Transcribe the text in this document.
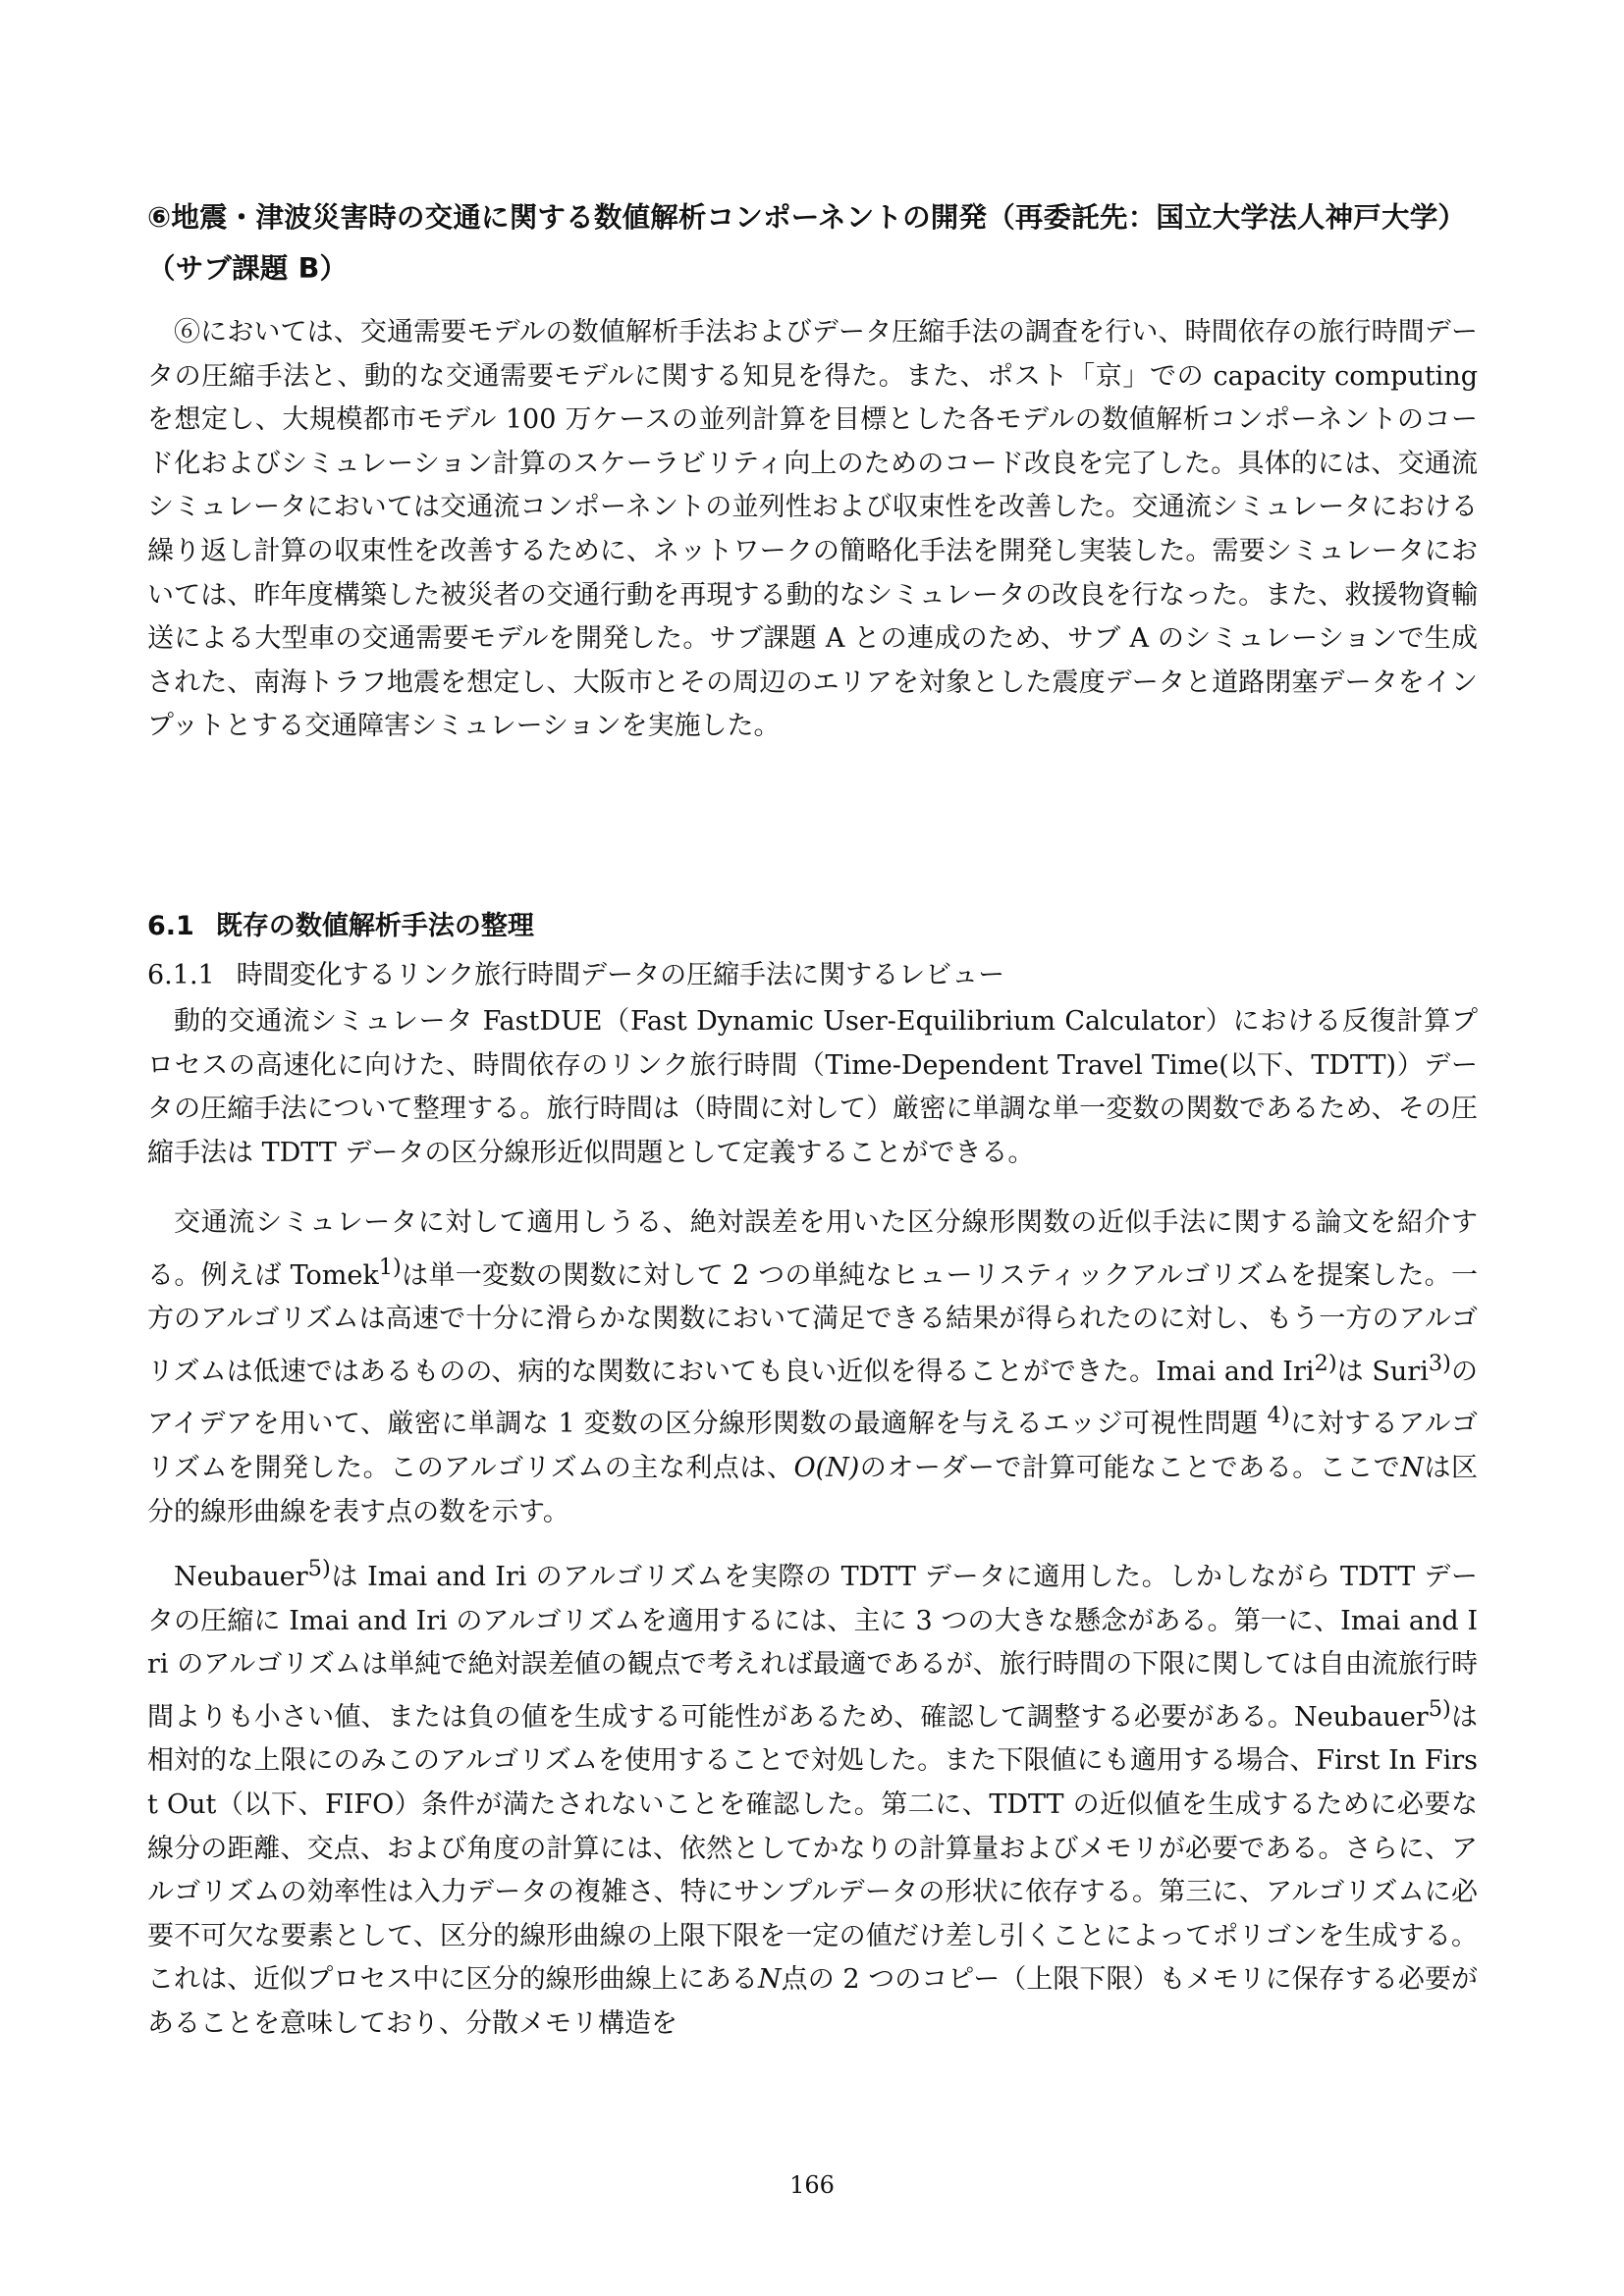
⑥地震・津波災害時の交通に関する数値解析コンポーネントの開発（再委託先：国立大学法人神戸大学）（サブ課題 B）
⑥においては、交通需要モデルの数値解析手法およびデータ圧縮手法の調査を行い、時間依存の旅行時間データの圧縮手法と、動的な交通需要モデルに関する知見を得た。また、ポスト「京」での capacity computing を想定し、大規模都市モデル 100 万ケースの並列計算を目標とした各モデルの数値解析コンポーネントのコード化およびシミュレーション計算のスケーラビリティ向上のためのコード改良を完了した。具体的には、交通流シミュレータにおいては交通流コンポーネントの並列性および収束性を改善した。交通流シミュレータにおける繰り返し計算の収束性を改善するために、ネットワークの簡略化手法を開発し実装した。需要シミュレータにおいては、昨年度構築した被災者の交通行動を再現する動的なシミュレータの改良を行なった。また、救援物資輸送による大型車の交通需要モデルを開発した。サブ課題 A との連成のため、サブ A のシミュレーションで生成された、南海トラフ地震を想定し、大阪市とその周辺のエリアを対象とした震度データと道路閉塞データをインプットとする交通障害シミュレーションを実施した。
6.1 既存の数値解析手法の整理
6.1.1 時間変化するリンク旅行時間データの圧縮手法に関するレビュー
動的交通流シミュレータ FastDUE（Fast Dynamic User-Equilibrium Calculator）における反復計算プロセスの高速化に向けた、時間依存のリンク旅行時間（Time-Dependent Travel Time(以下、TDTT)）データの圧縮手法について整理する。旅行時間は（時間に対して）厳密に単調な単一変数の関数であるため、その圧縮手法は TDTT データの区分線形近似問題として定義することができる。
交通流シミュレータに対して適用しうる、絶対誤差を用いた区分線形関数の近似手法に関する論文を紹介する。例えば Tomek$^{1)}$は単一変数の関数に対して 2 つの単純なヒューリスティックアルゴリズムを提案した。一方のアルゴリズムは高速で十分に滑らかな関数において満足できる結果が得られたのに対し、もう一方のアルゴリズムは低速ではあるものの、病的な関数においても良い近似を得ることができた。Imai and Iri$^{2)}$は Suri$^{3)}$のアイデアを用いて、厳密に単調な 1 変数の区分線形関数の最適解を与えるエッジ可視性問題 $^{4)}$に対するアルゴリズムを開発した。このアルゴリズムの主な利点は、O(N)のオーダーで計算可能なことである。ここでNは区分的線形曲線を表す点の数を示す。
Neubauer$^{5)}$は Imai and Iri のアルゴリズムを実際の TDTT データに適用した。しかしながら TDTT データの圧縮に Imai and Iri のアルゴリズムを適用するには、主に 3 つの大きな懸念がある。第一に、Imai and Iri のアルゴリズムは単純で絶対誤差値の観点で考えれば最適であるが、旅行時間の下限に関しては自由流旅行時間よりも小さい値、または負の値を生成する可能性があるため、確認して調整する必要がある。Neubauer$^{5)}$は相対的な上限にのみこのアルゴリズムを使用することで対処した。また下限値にも適用する場合、First In First Out（以下、FIFO）条件が満たされないことを確認した。第二に、TDTT の近似値を生成するために必要な線分の距離、交点、および角度の計算には、依然としてかなりの計算量およびメモリが必要である。さらに、アルゴリズムの効率性は入力データの複雑さ、特にサンプルデータの形状に依存する。第三に、アルゴリズムに必要不可欠な要素として、区分的線形曲線の上限下限を一定の値だけ差し引くことによってポリゴンを生成する。これは、近似プロセス中に区分的線形曲線上にあるN点の 2 つのコピー（上限下限）もメモリに保存する必要があることを意味しており、分散メモリ構造を
166
